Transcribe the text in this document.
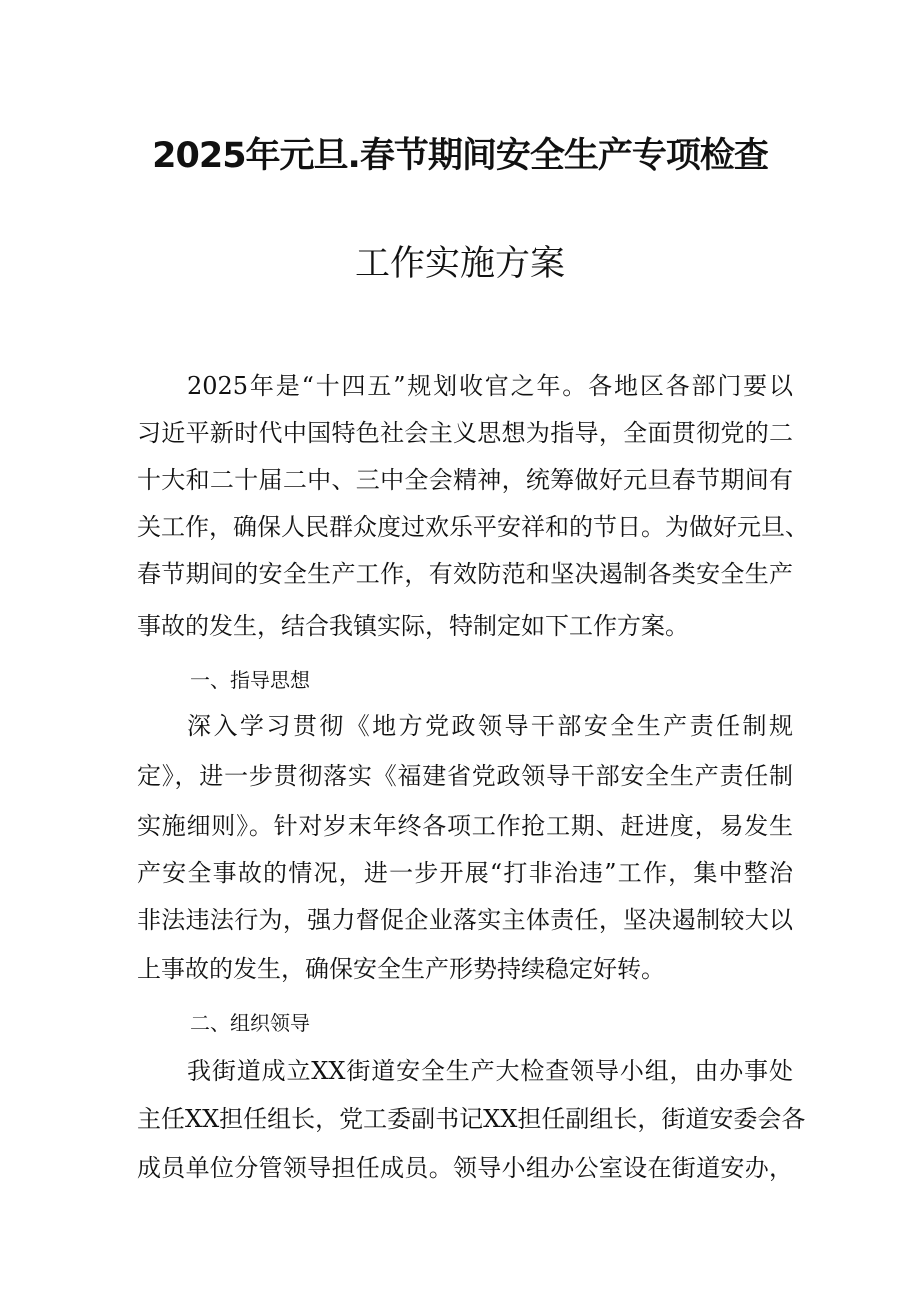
2025年元旦.春节期间安全生产专项检查
工作实施方案
2025年是“十四五”规划收官之年。各地区各部门要以
习近平新时代中国特色社会主义思想为指导，全面贯彻党的二
十大和二十届二中、三中全会精神，统筹做好元旦春节期间有
关工作，确保人民群众度过欢乐平安祥和的节日。为做好元旦、
春节期间的安全生产工作，有效防范和坚决遏制各类安全生产
事故的发生，结合我镇实际，特制定如下工作方案。
一、指导思想
深入学习贯彻《地方党政领导干部安全生产责任制规
定》，进一步贯彻落实《福建省党政领导干部安全生产责任制
实施细则》。针对岁末年终各项工作抢工期、赶进度，易发生
产安全事故的情况，进一步开展“打非治违”工作，集中整治
非法违法行为，强力督促企业落实主体责任，坚决遏制较大以
上事故的发生，确保安全生产形势持续稳定好转。
二、组织领导
我街道成立XX街道安全生产大检查领导小组，由办事处
主任XX担任组长，党工委副书记XX担任副组长，街道安委会各
成员单位分管领导担任成员。领导小组办公室设在街道安办，
